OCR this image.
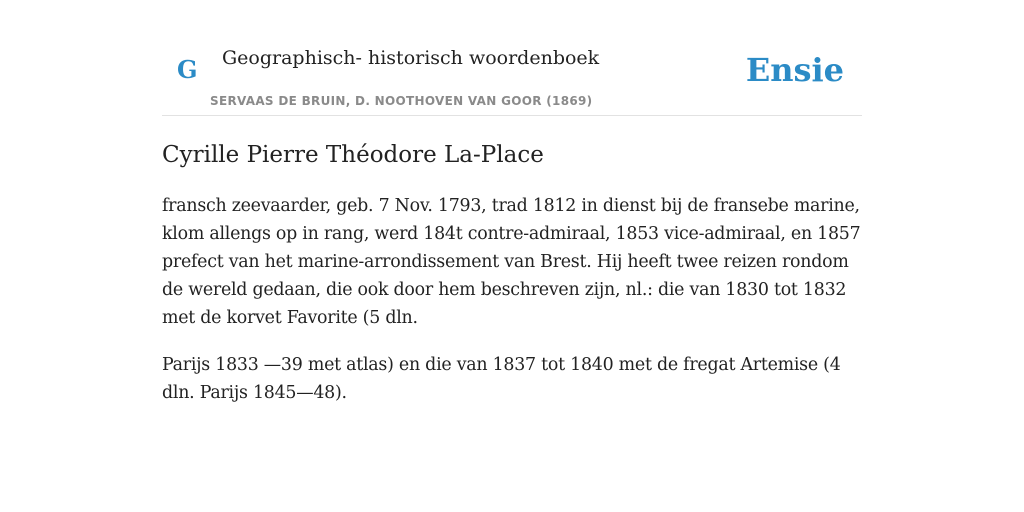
G Geographisch- historisch woordenboek
SERVAAS DE BRUIN, D. NOOTHOVEN VAN GOOR (1869)
Ensie
Cyrille Pierre Théodore La-Place

fransch zeevaarder, geb. 7 Nov. 1793, trad 1812 in dienst bij de fransebe marine, klom allengs op in rang, werd 184t contre-admiraal, 1853 vice-admiraal, en 1857 prefect van het marine-arrondissement van Brest. Hij heeft twee reizen rondom de wereld gedaan, die ook door hem beschreven zijn, nl.: die van 1830 tot 1832 met de korvet Favorite (5 dln.

Parijs 1833 —39 met atlas) en die van 1837 tot 1840 met de fregat Artemise (4 dln. Parijs 1845—48).
